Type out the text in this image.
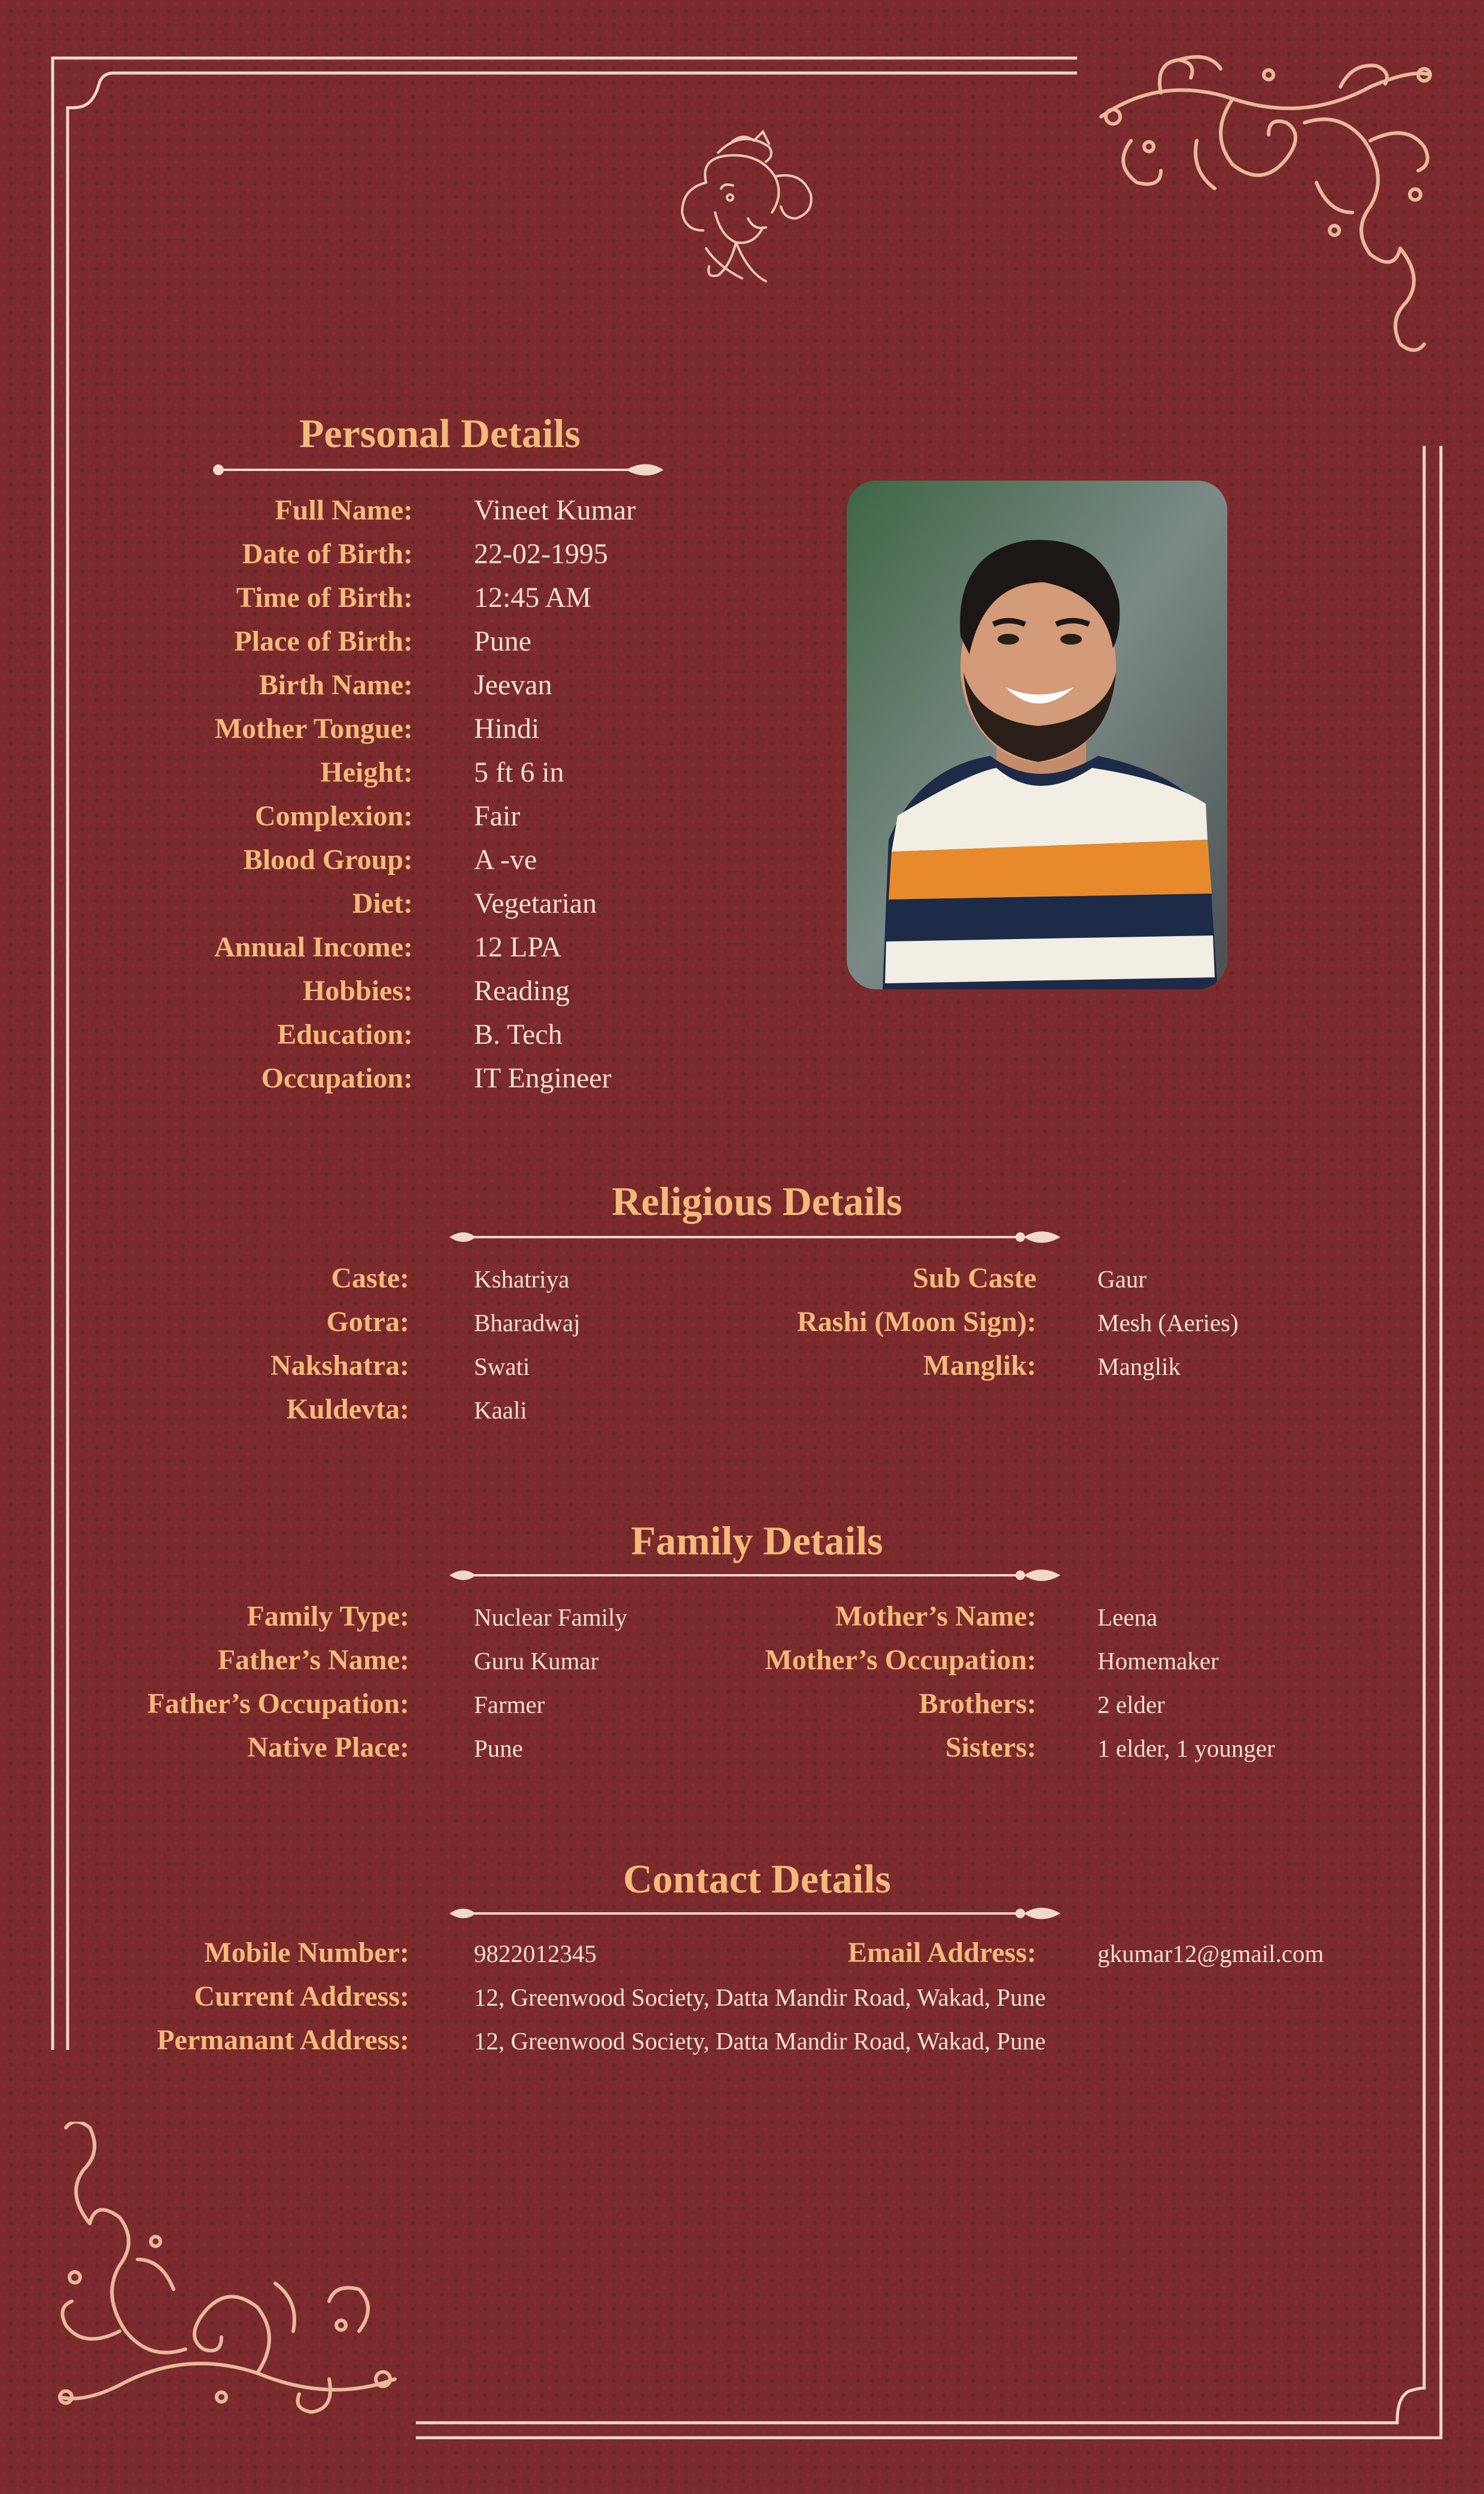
Personal Details
Full Name: Vineet Kumar
Date of Birth: 22-02-1995
Time of Birth: 12:45 AM
Place of Birth: Pune
Birth Name: Jeevan
Mother Tongue: Hindi
Height: 5 ft 6 in
Complexion: Fair
Blood Group: A -ve
Diet: Vegetarian
Annual Income: 12 LPA
Hobbies: Reading
Education: B. Tech
Occupation: IT Engineer
Religious Details
Caste:	Kshatriya
Gotra:	Bharadwaj
Nakshatra:	Swati
Kuldevta:	Kaali
Sub Caste Gaur
Rashi (Moon Sign): Mesh (Aeries)
Manglik: Manglik
Family Details
Family Type:	Nuclear Family
Father’s Name:	Guru Kumar
Father’s Occupation:	Farmer
Native Place:	Pune
Mother’s Name: Leena
Mother’s Occupation: Homemaker
Brothers: 2 elder
Sisters: 1 elder, 1 younger
Contact Details
Mobile Number:	9822012345	Email Address: gkumar12@gmail.com
Current Address:	12, Greenwood Society, Datta Mandir Road, Wakad, Pune
Permanant Address:	12, Greenwood Society, Datta Mandir Road, Wakad, Pune
